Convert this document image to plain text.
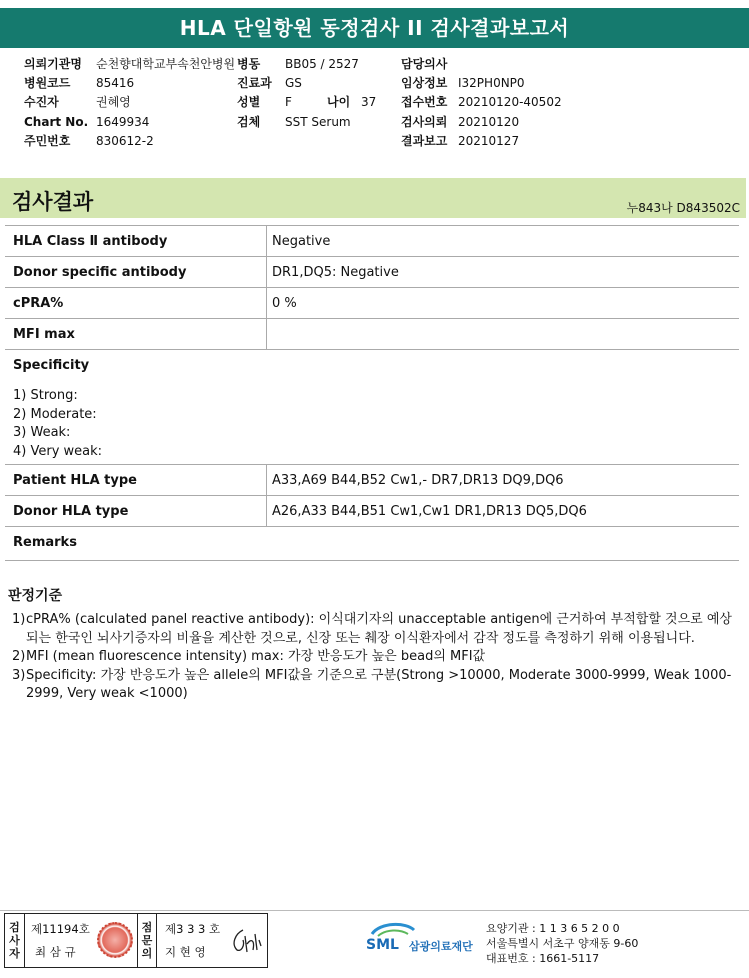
HLA 단일항원 동정검사 II 검사결과보고서
의뢰기관명 순천향대학교부속천안병원
병원코드 85416
수진자	권혜영
Chart No. 1649934
주민번호 830612-2
병동 BB05 / 2527
진료과 GS
성별 F	나이 37
검체 SST Serum
담당의사
임상정보 I32PH0NP0
접수번호 20210120-40502
검사의뢰 20210120
결과보고 20210127
검사결과	누843나 D843502C
HLA Class Ⅱ antibody	Negative
Donor specific antibody	DR1,DQ5: Negative
cPRA%	0 %
MFI max
Specificity
1) Strong:
2) Moderate:
3) Weak:
4) Very weak:
Patient HLA type	A33,A69 B44,B52 Cw1,- DR7,DR13 DQ9,DQ6
Donor HLA type	A26,A33 B44,B51 Cw1,Cw1 DR1,DR13 DQ5,DQ6
Remarks
판정기준
1) cPRA% (calculated panel reactive antibody): 이식대기자의 unacceptable antigen에 근거하여 부적합할 것으로 예상되는 한국인 뇌사기증자의 비율을 계산한 것으로, 신장 또는 췌장 이식환자에서 감작 정도를 측정하기 위해 이용됩니다.
2) MFI (mean fluorescence intensity) max: 가장 반응도가 높은 bead의 MFI값
3) Specificity: 가장 반응도가 높은 allele의 MFI값을 기준으로 구분(Strong >10000, Moderate 3000-9999, Weak 1000-2999, Very weak <1000)
검
사
자
제11194호
최 삼 규
점
문
의
제3 3 3 호
지 현 영	SML 삼광의료재단
요양기관 : 1 1 3 6 5 2 0 0
서울특별시 서초구 양재동 9-60
대표번호 : 1661-5117
